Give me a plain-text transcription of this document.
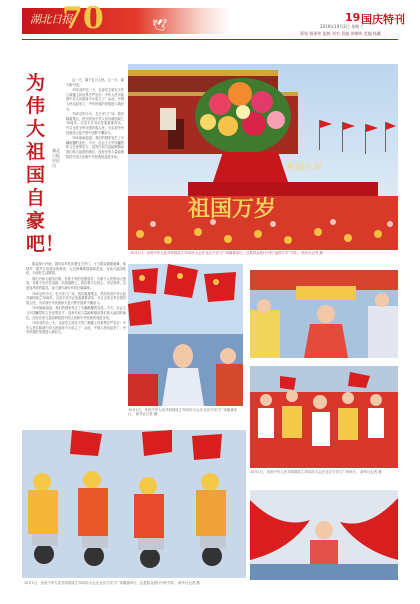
湖北日报
70	🕊
19 国庆特刊
2019年10月2日 星期三
策划 杨建伟 监制 刘杰 责编 周朝晖 美编 杨翼
为伟大祖国自豪吧！
湖北日报评论员

这一天，属于亿万人民。这一天，属于新中国。

70年前的这一天，毛泽东主席在天安门城楼上向世界庄严宣告：中华人民共和国中央人民政府今天成立了！从此，中国人民站起来了，中华民族的发展进入新纪元。

70年后的今天，在天安门广场，我们隆重集会，热烈庆祝中华人民共和国成立70周年。习近平总书记发表重要讲话，号召全党全军全国各族人民，为实现中华民族伟大复兴的中国梦不懈奋斗。

70年砥砺奋进，我们的国家发生了天翻地覆的变化。今天，社会主义中国巍然屹立在世界东方，没有任何力量能够撼动我们伟大祖国的地位，没有任何力量能够阻挡中国人民和中华民族的前进步伐。

群众游行开始，国庆彩车依次驶过天安门，十万群众载歌载舞，欢呼声、歌声汇成欢乐的海洋。人们挥舞着国旗和花束，为伟大祖国欢呼，为美好生活歌唱。

我们为伟大祖国自豪。自豪于党的坚强领导，自豪于人民的伟大创造，自豪于历史性成就。前进道路上，我们要不忘初心、牢记使命，以更加昂扬的姿态，奋力谱写新时代的壮丽篇章。

70年后的今天，在天安门广场，我们隆重集会，热烈庆祝中华人民共和国成立70周年。习近平总书记发表重要讲话，号召全党全军全国各族人民，为实现中华民族伟大复兴的中国梦不懈奋斗。

70年砥砺奋进，我们的国家发生了天翻地覆的变化。今天，社会主义中国巍然屹立在世界东方，没有任何力量能够撼动我们伟大祖国的地位，没有任何力量能够阻挡中国人民和中华民族的前进步伐。

70年前的这一天，毛泽东主席在天安门城楼上向世界庄严宣告：中华人民共和国中央人民政府今天成立了！从此，中国人民站起来了，中华民族的发展进入新纪元。

祖国万岁
祖国万岁
10月1日，庆祝中华人民共和国成立70周年大会在北京天安门广场隆重举行。这是群众游行中的“祖国万岁”方阵。 新华社记者 摄
10月1日，庆祝中华人民共和国成立70周年大会在北京天安门广场隆重举行。 新华社记者 摄
10月1日，庆祝中华人民共和国成立70周年大会在北京天安门广场举行。 新华社记者 摄
10月1日，庆祝中华人民共和国成立70周年大会在北京天安门广场隆重举行，这是群众游行中的方阵。 新华社记者 摄
